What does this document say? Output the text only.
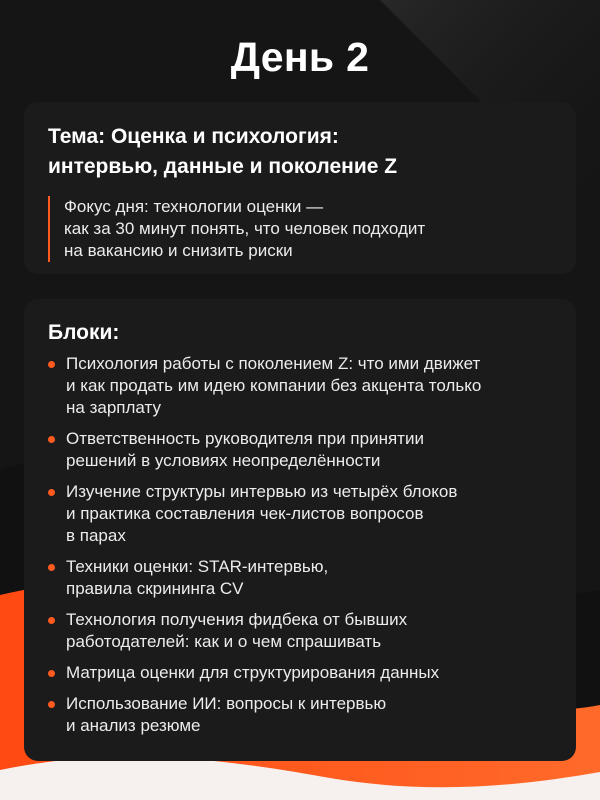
День 2
Тема: Оценка и психология:
интервью, данные и поколение Z
Фокус дня: технологии оценки —
как за 30 минут понять, что человек подходит
на вакансию и снизить риски
Блоки:
Психология работы с поколением Z: что ими движет
и как продать им идею компании без акцента только
на зарплату
Ответственность руководителя при принятии
решений в условиях неопределённости
Изучение структуры интервью из четырёх блоков
и практика составления чек-листов вопросов
в парах
Техники оценки: STAR-интервью,
правила скрининга CV
Технология получения фидбека от бывших
работодателей: как и о чем спрашивать
Матрица оценки для структурирования данных
Использование ИИ: вопросы к интервью
и анализ резюме
